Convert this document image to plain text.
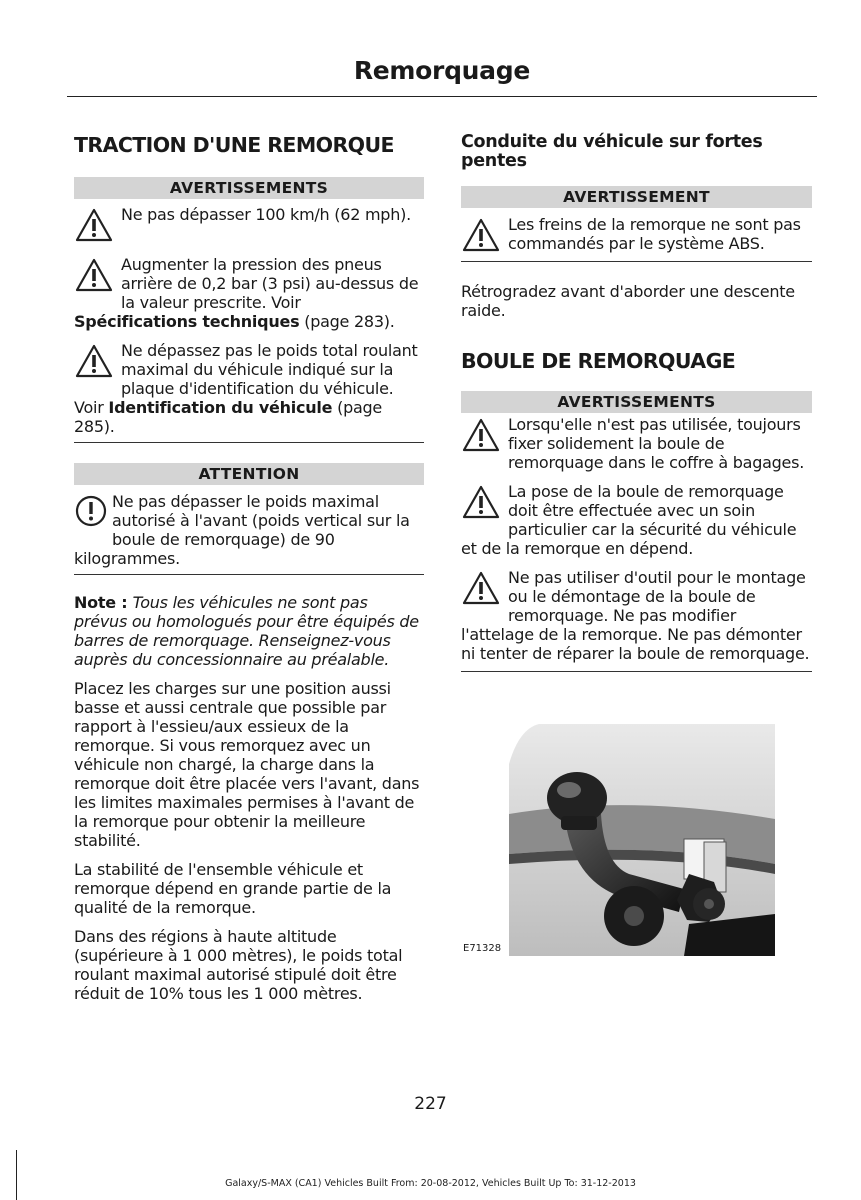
Remorquage
TRACTION D'UNE REMORQUE
AVERTISSEMENTS

Ne pas dépasser 100 km/h (62 mph).

Augmenter la pression des pneus arrière de 0,2 bar (3 psi) au-dessus de la valeur prescrite. Voir Spécifications techniques (page 283).

Ne dépassez pas le poids total roulant maximal du véhicule indiqué sur la plaque d'identification du véhicule. Voir Identification du véhicule (page 285).

ATTENTION

Ne pas dépasser le poids maximal autorisé à l'avant (poids vertical sur la boule de remorquage) de 90 kilogrammes.

Note : Tous les véhicules ne sont pas prévus ou homologués pour être équipés de barres de remorquage. Renseignez-vous auprès du concessionnaire au préalable.

Placez les charges sur une position aussi basse et aussi centrale que possible par rapport à l'essieu/aux essieux de la remorque. Si vous remorquez avec un véhicule non chargé, la charge dans la remorque doit être placée vers l'avant, dans les limites maximales permises à l'avant de la remorque pour obtenir la meilleure stabilité.

La stabilité de l'ensemble véhicule et remorque dépend en grande partie de la qualité de la remorque.

Dans des régions à haute altitude (supérieure à 1 000 mètres), le poids total roulant maximal autorisé stipulé doit être réduit de 10% tous les 1 000 mètres.

Conduite du véhicule sur fortes pentes
AVERTISSEMENT

Les freins de la remorque ne sont pas commandés par le système ABS.

Rétrogradez avant d'aborder une descente raide.

BOULE DE REMORQUAGE
AVERTISSEMENTS

Lorsqu'elle n'est pas utilisée, toujours fixer solidement la boule de remorquage dans le coffre à bagages.

La pose de la boule de remorquage doit être effectuée avec un soin particulier car la sécurité du véhicule et de la remorque en dépend.

Ne pas utiliser d'outil pour le montage ou le démontage de la boule de remorquage. Ne pas modifier l'attelage de la remorque. Ne pas démonter ni tenter de réparer la boule de remorquage.

E71328
227
Galaxy/S-MAX (CA1) Vehicles Built From: 20-08-2012, Vehicles Built Up To: 31-12-2013
